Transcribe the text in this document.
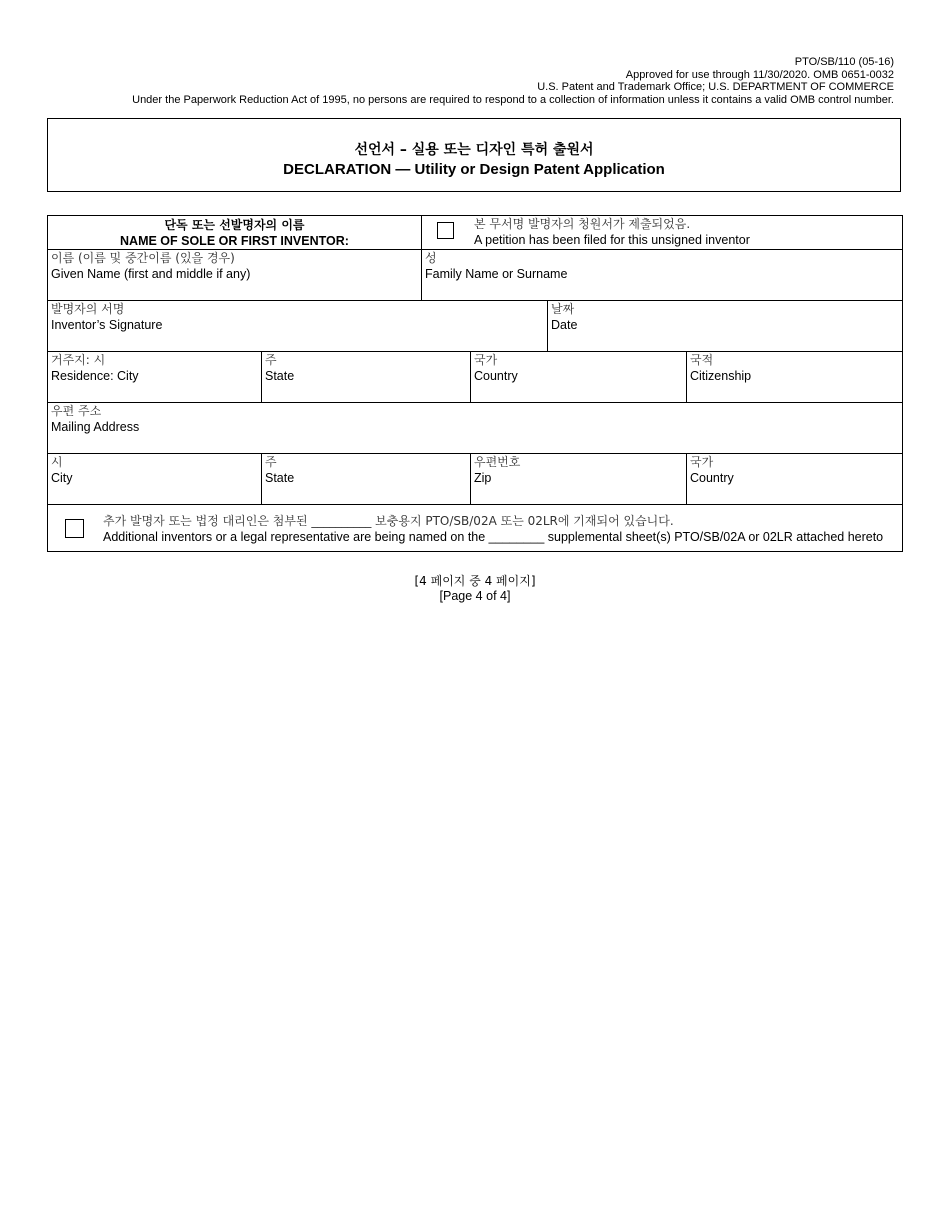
PTO/SB/110 (05-16)
Approved for use through 11/30/2020. OMB 0651-0032
U.S. Patent and Trademark Office; U.S. DEPARTMENT OF COMMERCE
Under the Paperwork Reduction Act of 1995, no persons are required to respond to a collection of information unless it contains a valid OMB control number.
선언서 – 실용 또는 디자인 특허 출원서
DECLARATION — Utility or Design Patent Application
단독 또는 선발명자의 이름
NAME OF SOLE OR FIRST INVENTOR:
본 무서명 발명자의 청원서가 제출되었음.
A petition has been filed for this unsigned inventor
이름 (이름 및 중간이름 (있을 경우)
Given Name (first and middle if any)
성
Family Name or Surname
발명자의 서명
Inventor’s Signature
날짜
Date
거주지: 시
Residence: City
주
State
국가
Country
국적
Citizenship
우편 주소
Mailing Address
시
City
주
State
우편번호
Zip
국가
Country
추가 발명자 또는 법정 대리인은 첨부된 __________ 보충용지 PTO/SB/02A 또는 02LR에 기재되어 있습니다.
Additional inventors or a legal representative are being named on the ________ supplemental sheet(s) PTO/SB/02A or 02LR attached hereto
[4 페이지 중 4 페이지]
[Page 4 of 4]
